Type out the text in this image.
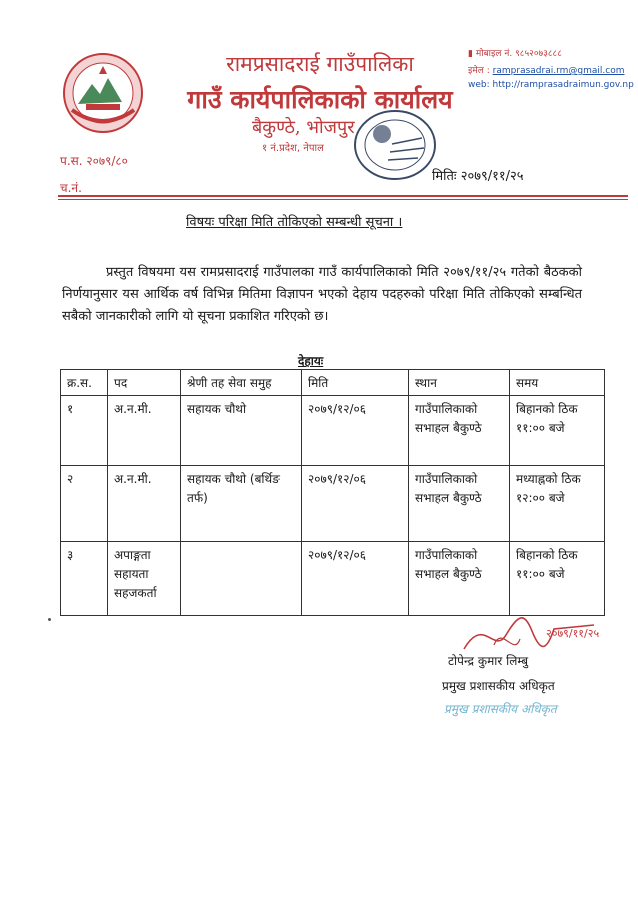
रामप्रसादराई गाउँपालिका
गाउँ कार्यपालिकाको कार्यालय
बैकुण्ठे, भोजपुर
१ नं.प्रदेश, नेपाल
▮ मोबाइल नं. ९८५२०७३८८८
इमेल : ramprasadrai.rm@gmail.com
web: http://ramprasadraimun.gov.np
प.स. २०७९/८०
च.नं.
मितिः २०७९/११/२५
विषयः परिक्षा मिति तोकिएको सम्बन्धी सूचना ।
प्रस्तुत विषयमा यस रामप्रसादराई गाउँपालका गाउँ कार्यपालिकाको मिति २०७९/११/२५ गतेको बैठकको निर्णयानुसार यस आर्थिक वर्ष विभिन्न मितिमा विज्ञापन भएको देहाय पदहरुको परिक्षा मिति तोकिएको सम्बन्धित सबैको जानकारीको लागि यो सूचना प्रकाशित गरिएको छ।
देहायः
क्र.स.	पद	श्रेणी तह सेवा समुह	मिति	स्थान	समय
१	अ.न.मी.	सहायक चौथो	२०७९/१२/०६	गाउँपालिकाको सभाहल बैकुण्ठे	बिहानको ठिक ११:०० बजे
२	अ.न.मी.	सहायक चौथो (बर्थिङ तर्फ)	२०७९/१२/०६	गाउँपालिकाको सभाहल बैकुण्ठे	मध्याह्नको ठिक १२:०० बजे
३	अपाङ्गता सहायता सहजकर्ता		२०७९/१२/०६	गाउँपालिकाको सभाहल बैकुण्ठे	बिहानको ठिक ११:०० बजे
२०७९/११/२५
टोपेन्द्र कुमार लिम्बु
प्रमुख प्रशासकीय अधिकृत
प्रमुख प्रशासकीय अधिकृत
